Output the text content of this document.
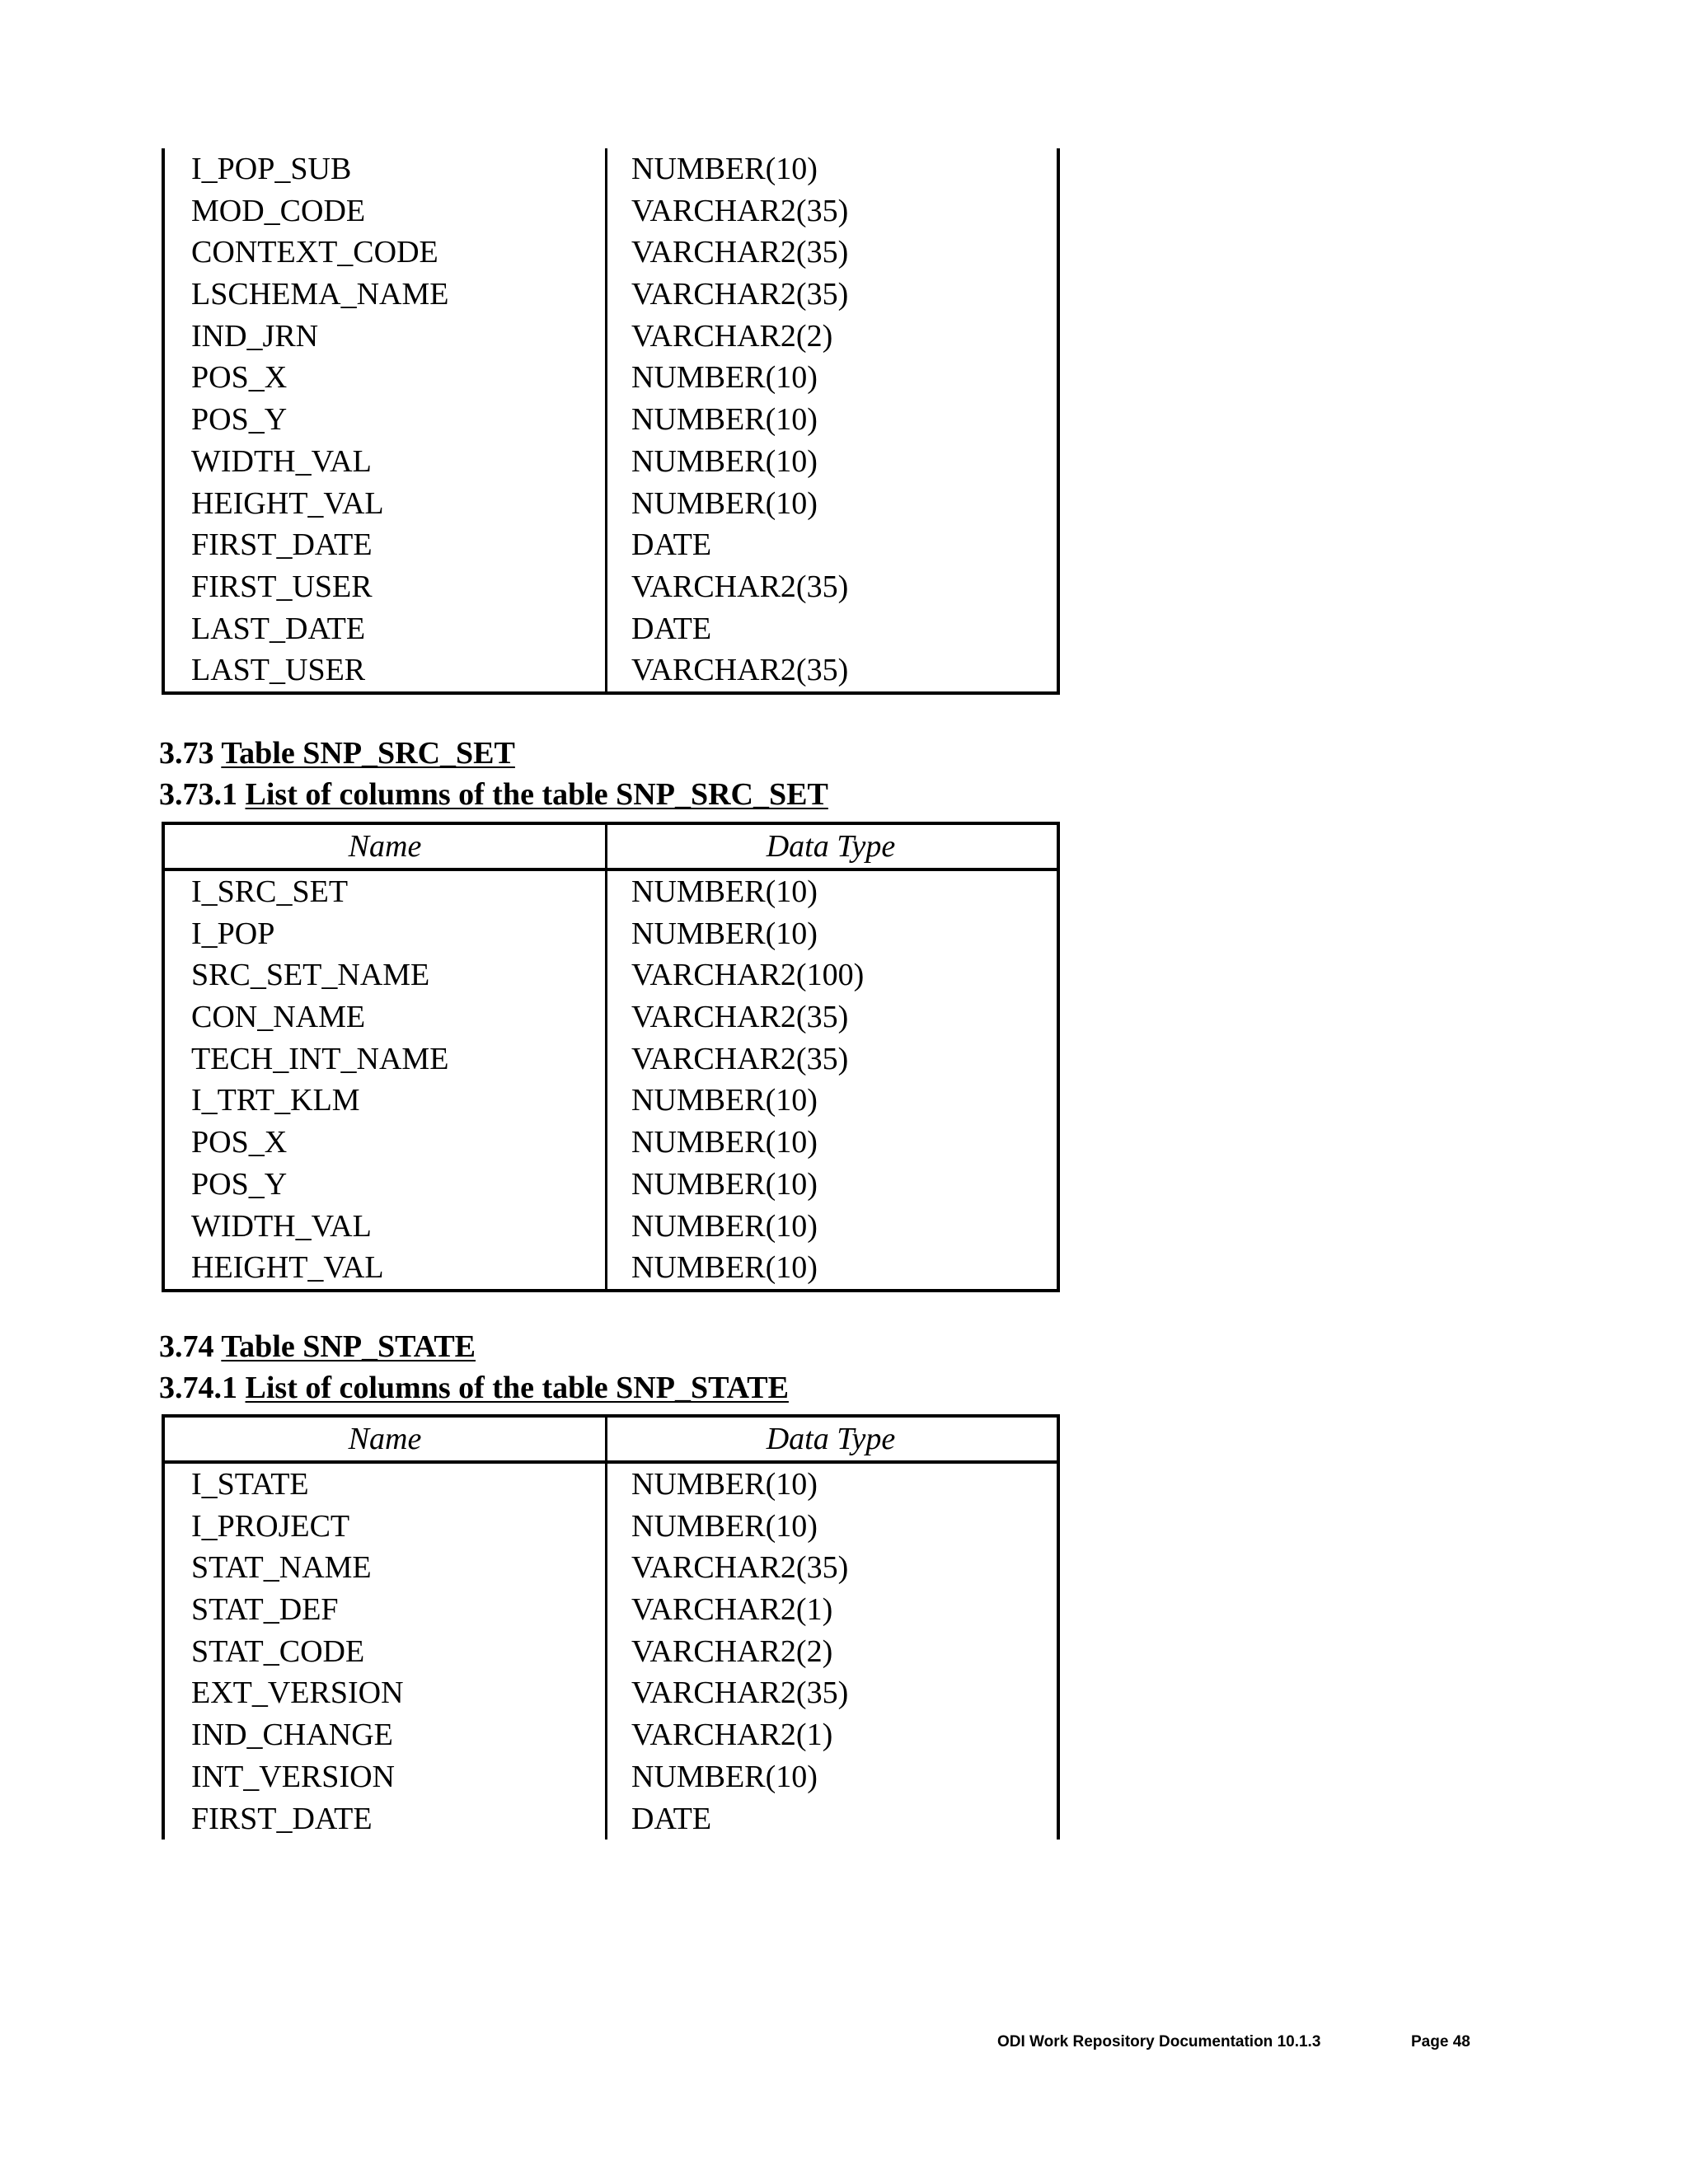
I_POP_SUB	NUMBER(10)
MOD_CODE	VARCHAR2(35)
CONTEXT_CODE	VARCHAR2(35)
LSCHEMA_NAME	VARCHAR2(35)
IND_JRN	VARCHAR2(2)
POS_X	NUMBER(10)
POS_Y	NUMBER(10)
WIDTH_VAL	NUMBER(10)
HEIGHT_VAL	NUMBER(10)
FIRST_DATE	DATE
FIRST_USER	VARCHAR2(35)
LAST_DATE	DATE
LAST_USER	VARCHAR2(35)
3.73 Table SNP_SRC_SET
3.73.1 List of columns of the table SNP_SRC_SET
Name	Data Type
I_SRC_SET	NUMBER(10)
I_POP	NUMBER(10)
SRC_SET_NAME	VARCHAR2(100)
CON_NAME	VARCHAR2(35)
TECH_INT_NAME	VARCHAR2(35)
I_TRT_KLM	NUMBER(10)
POS_X	NUMBER(10)
POS_Y	NUMBER(10)
WIDTH_VAL	NUMBER(10)
HEIGHT_VAL	NUMBER(10)
3.74 Table SNP_STATE
3.74.1 List of columns of the table SNP_STATE
Name	Data Type
I_STATE	NUMBER(10)
I_PROJECT	NUMBER(10)
STAT_NAME	VARCHAR2(35)
STAT_DEF	VARCHAR2(1)
STAT_CODE	VARCHAR2(2)
EXT_VERSION	VARCHAR2(35)
IND_CHANGE	VARCHAR2(1)
INT_VERSION	NUMBER(10)
FIRST_DATE	DATE
ODI Work Repository Documentation 10.1.3	Page 48
